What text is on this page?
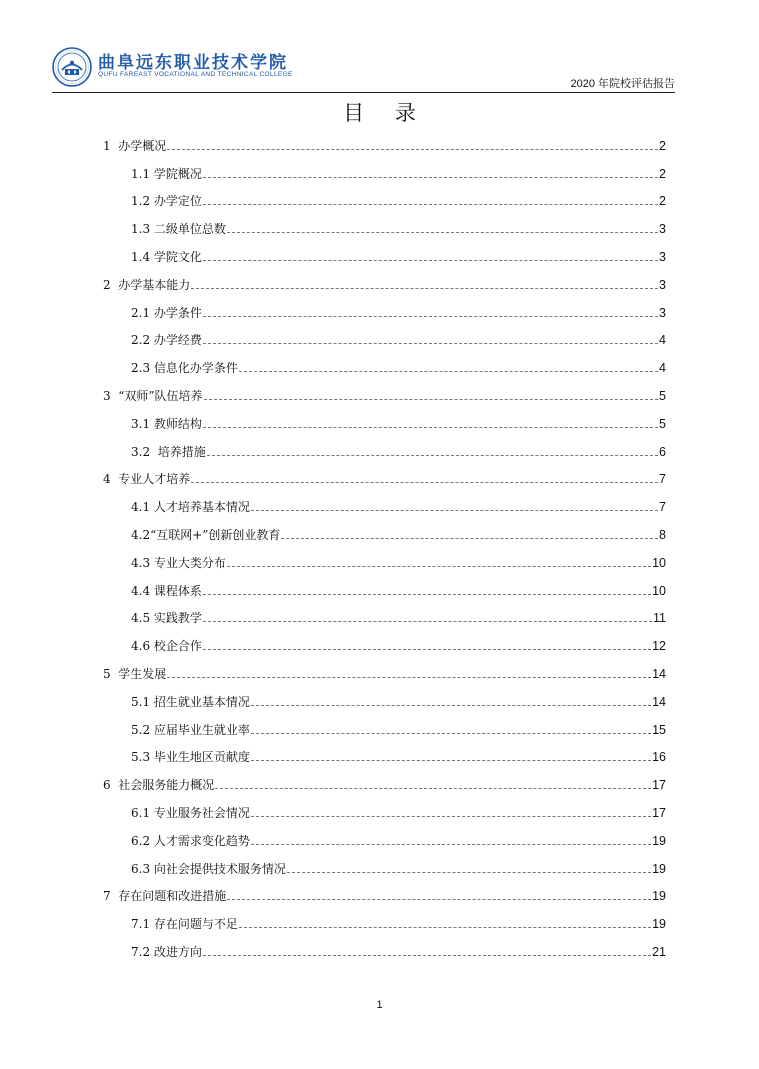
曲阜远东职业技术学院
QUFU FAREAST VOCATIONAL AND TECHNICAL COLLEGE
2020 年院校评估报告
目 录
1  办学概况	2
1.1 学院概况	2
1.2 办学定位	2
1.3 二级单位总数	3
1.4 学院文化	3
2  办学基本能力	3
2.1 办学条件	3
2.2 办学经费	4
2.3 信息化办学条件	4
3  “双师”队伍培养	5
3.1 教师结构	5
3.2  培养措施	6
4  专业人才培养	7
4.1 人才培养基本情况	7
4.2“互联网+”创新创业教育	8
4.3 专业大类分布	10
4.4 课程体系	10
4.5 实践教学	11
4.6 校企合作	12
5  学生发展	14
5.1 招生就业基本情况	14
5.2 应届毕业生就业率	15
5.3 毕业生地区贡献度	16
6  社会服务能力概况	17
6.1 专业服务社会情况	17
6.2 人才需求变化趋势	19
6.3 向社会提供技术服务情况	19
7  存在问题和改进措施	19
7.1 存在问题与不足	19
7.2 改进方向	21
1
